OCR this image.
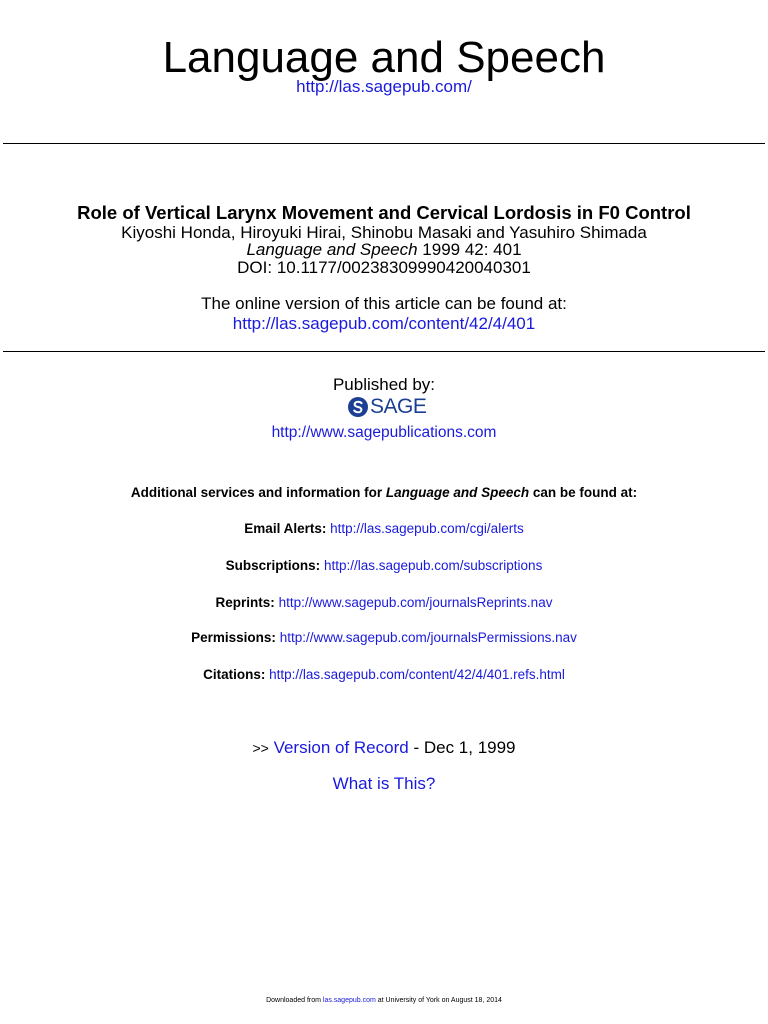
Language and Speech
http://las.sagepub.com/
Role of Vertical Larynx Movement and Cervical Lordosis in F0 Control
Kiyoshi Honda, Hiroyuki Hirai, Shinobu Masaki and Yasuhiro Shimada
Language and Speech 1999 42: 401
DOI: 10.1177/00238309990420040301
The online version of this article can be found at:
http://las.sagepub.com/content/42/4/401
Published by:
SAGE
http://www.sagepublications.com
Additional services and information for Language and Speech can be found at:
Email Alerts: http://las.sagepub.com/cgi/alerts
Subscriptions: http://las.sagepub.com/subscriptions
Reprints: http://www.sagepub.com/journalsReprints.nav
Permissions: http://www.sagepub.com/journalsPermissions.nav
Citations: http://las.sagepub.com/content/42/4/401.refs.html
>> Version of Record - Dec 1, 1999
What is This?
Downloaded from las.sagepub.com at University of York on August 18, 2014
